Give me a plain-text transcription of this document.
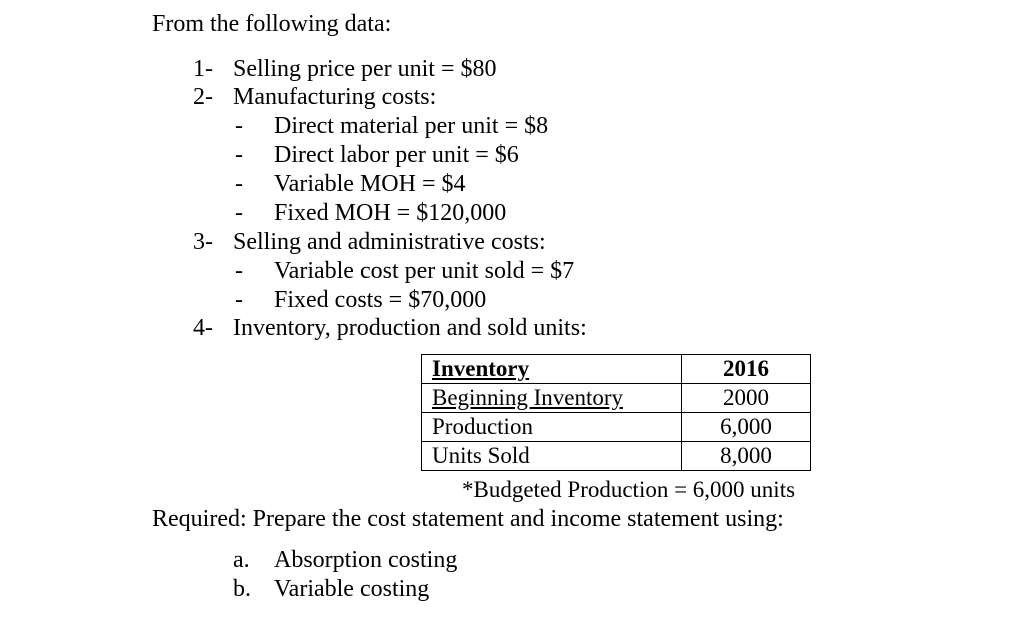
From the following data:
1- Selling price per unit = $80
2- Manufacturing costs:
- Direct material per unit = $8
- Direct labor per unit = $6
- Variable MOH = $4
- Fixed MOH = $120,000
3- Selling and administrative costs:
- Variable cost per unit sold = $7
- Fixed costs = $70,000
4- Inventory, production and sold units:
Inventory	2016
Beginning Inventory	2000
Production	6,000
Units Sold	8,000
*Budgeted Production = 6,000 units
Required: Prepare the cost statement and income statement using:
a. Absorption costing
b. Variable costing
